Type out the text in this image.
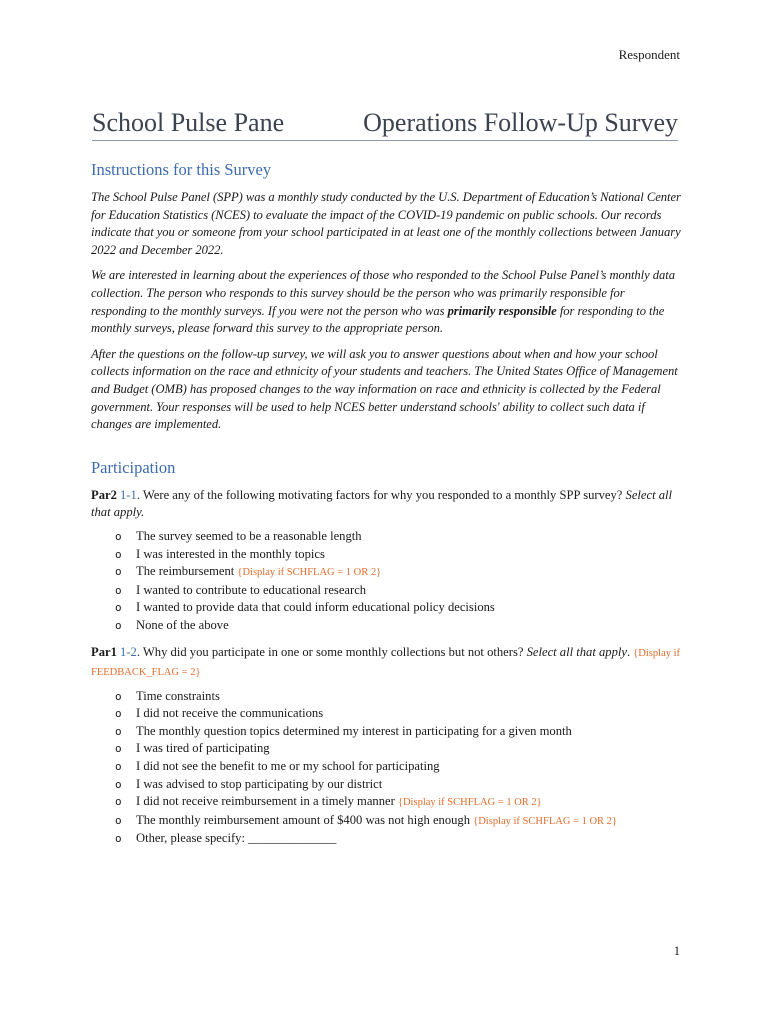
Respondent
School Pulse Pane	Operations Follow-Up Survey
Instructions for this Survey

The School Pulse Panel (SPP) was a monthly study conducted by the U.S. Department of Education’s National Center for Education Statistics (NCES) to evaluate the impact of the COVID-19 pandemic on public schools. Our records indicate that you or someone from your school participated in at least one of the monthly collections between January 2022 and December 2022.

We are interested in learning about the experiences of those who responded to the School Pulse Panel’s monthly data collection. The person who responds to this survey should be the person who was primarily responsible for responding to the monthly surveys. If you were not the person who was primarily responsible for responding to the monthly surveys, please forward this survey to the appropriate person.

After the questions on the follow-up survey, we will ask you to answer questions about when and how your school collects information on the race and ethnicity of your students and teachers. The United States Office of Management and Budget (OMB) has proposed changes to the way information on race and ethnicity is collected by the Federal government. Your responses will be used to help NCES better understand schools' ability to collect such data if changes are implemented.

Participation
Par2 1-1. Were any of the following motivating factors for why you responded to a monthly SPP survey? Select all that apply.
o The survey seemed to be a reasonable length
o I was interested in the monthly topics
o The reimbursement {Display if SCHFLAG = 1 OR 2}
o I wanted to contribute to educational research
o I wanted to provide data that could inform educational policy decisions
o None of the above
Par1 1-2. Why did you participate in one or some monthly collections but not others? Select all that apply. {Display if FEEDBACK_FLAG = 2}
o Time constraints
o I did not receive the communications
o The monthly question topics determined my interest in participating for a given month
o I was tired of participating
o I did not see the benefit to me or my school for participating
o I was advised to stop participating by our district
o I did not receive reimbursement in a timely manner {Display if SCHFLAG = 1 OR 2}
o The monthly reimbursement amount of $400 was not high enough {Display if SCHFLAG = 1 OR 2}
o Other, please specify: ______________
1
